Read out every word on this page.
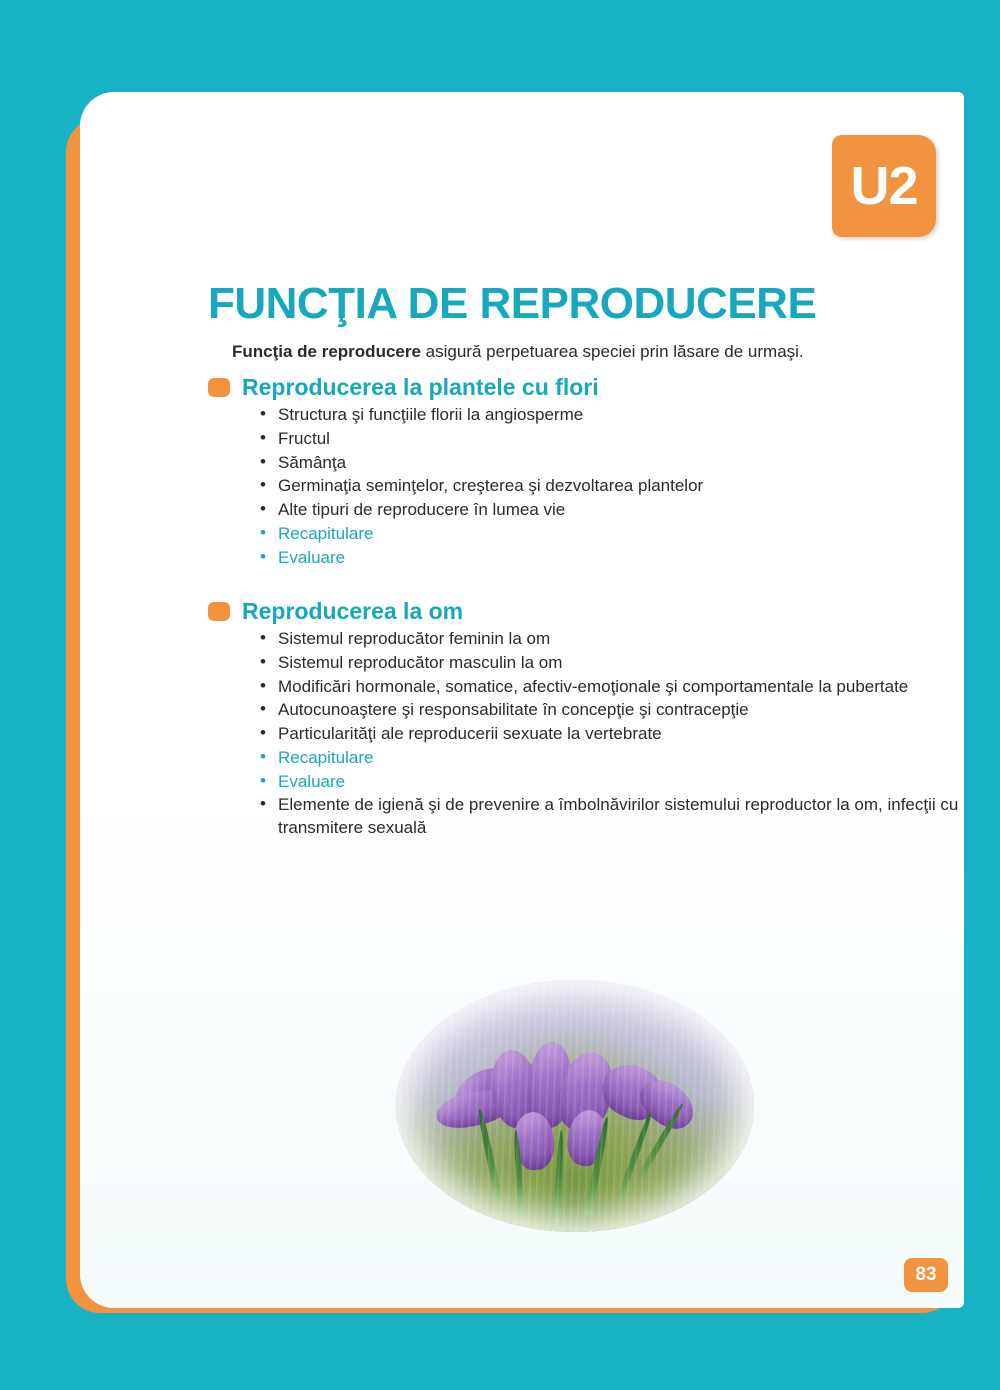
FUNCŢIA DE REPRODUCERE

Funcţia de reproducere asigură perpetuarea speciei prin lăsare de urmaşi.

Reproducerea la plantele cu flori
• Structura şi funcţiile florii la angiosperme
• Fructul
• Sămânţa
• Germinaţia seminţelor, creşterea şi dezvoltarea plantelor
• Alte tipuri de reproducere în lumea vie
• Recapitulare
• Evaluare
Reproducerea la om
• Sistemul reproducător feminin la om
• Sistemul reproducător masculin la om
• Modificări hormonale, somatice, afectiv-emoţionale şi comportamentale la pubertate
• Autocunoaştere şi responsabilitate în concepţie şi contracepţie
• Particularităţi ale reproducerii sexuate la vertebrate
• Recapitulare
• Evaluare
• Elemente de igienă şi de prevenire a îmbolnăvirilor sistemului reproductor la om, infecţii cu transmitere sexuală
83
U2
